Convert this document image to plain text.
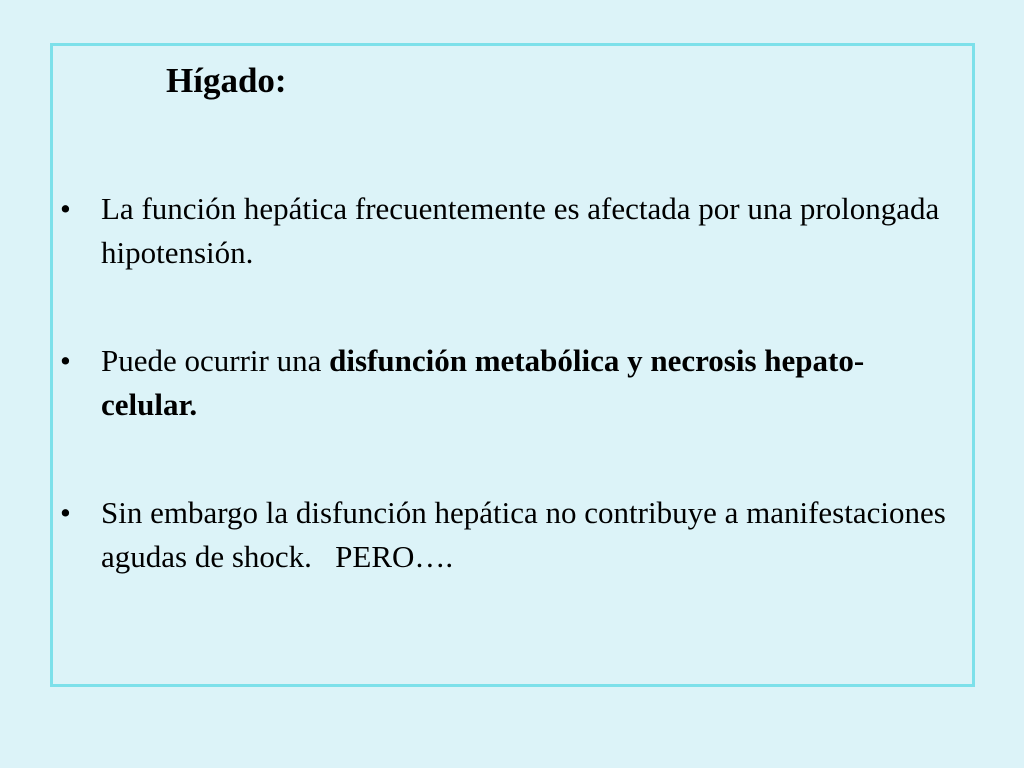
Hígado:
• La función hepática frecuentemente es afectada por una prolongada hipotensión.
• Puede ocurrir una disfunción metabólica y necrosis hepato-celular.
• Sin embargo la disfunción hepática no contribuye a manifestaciones agudas de shock.   PERO….
